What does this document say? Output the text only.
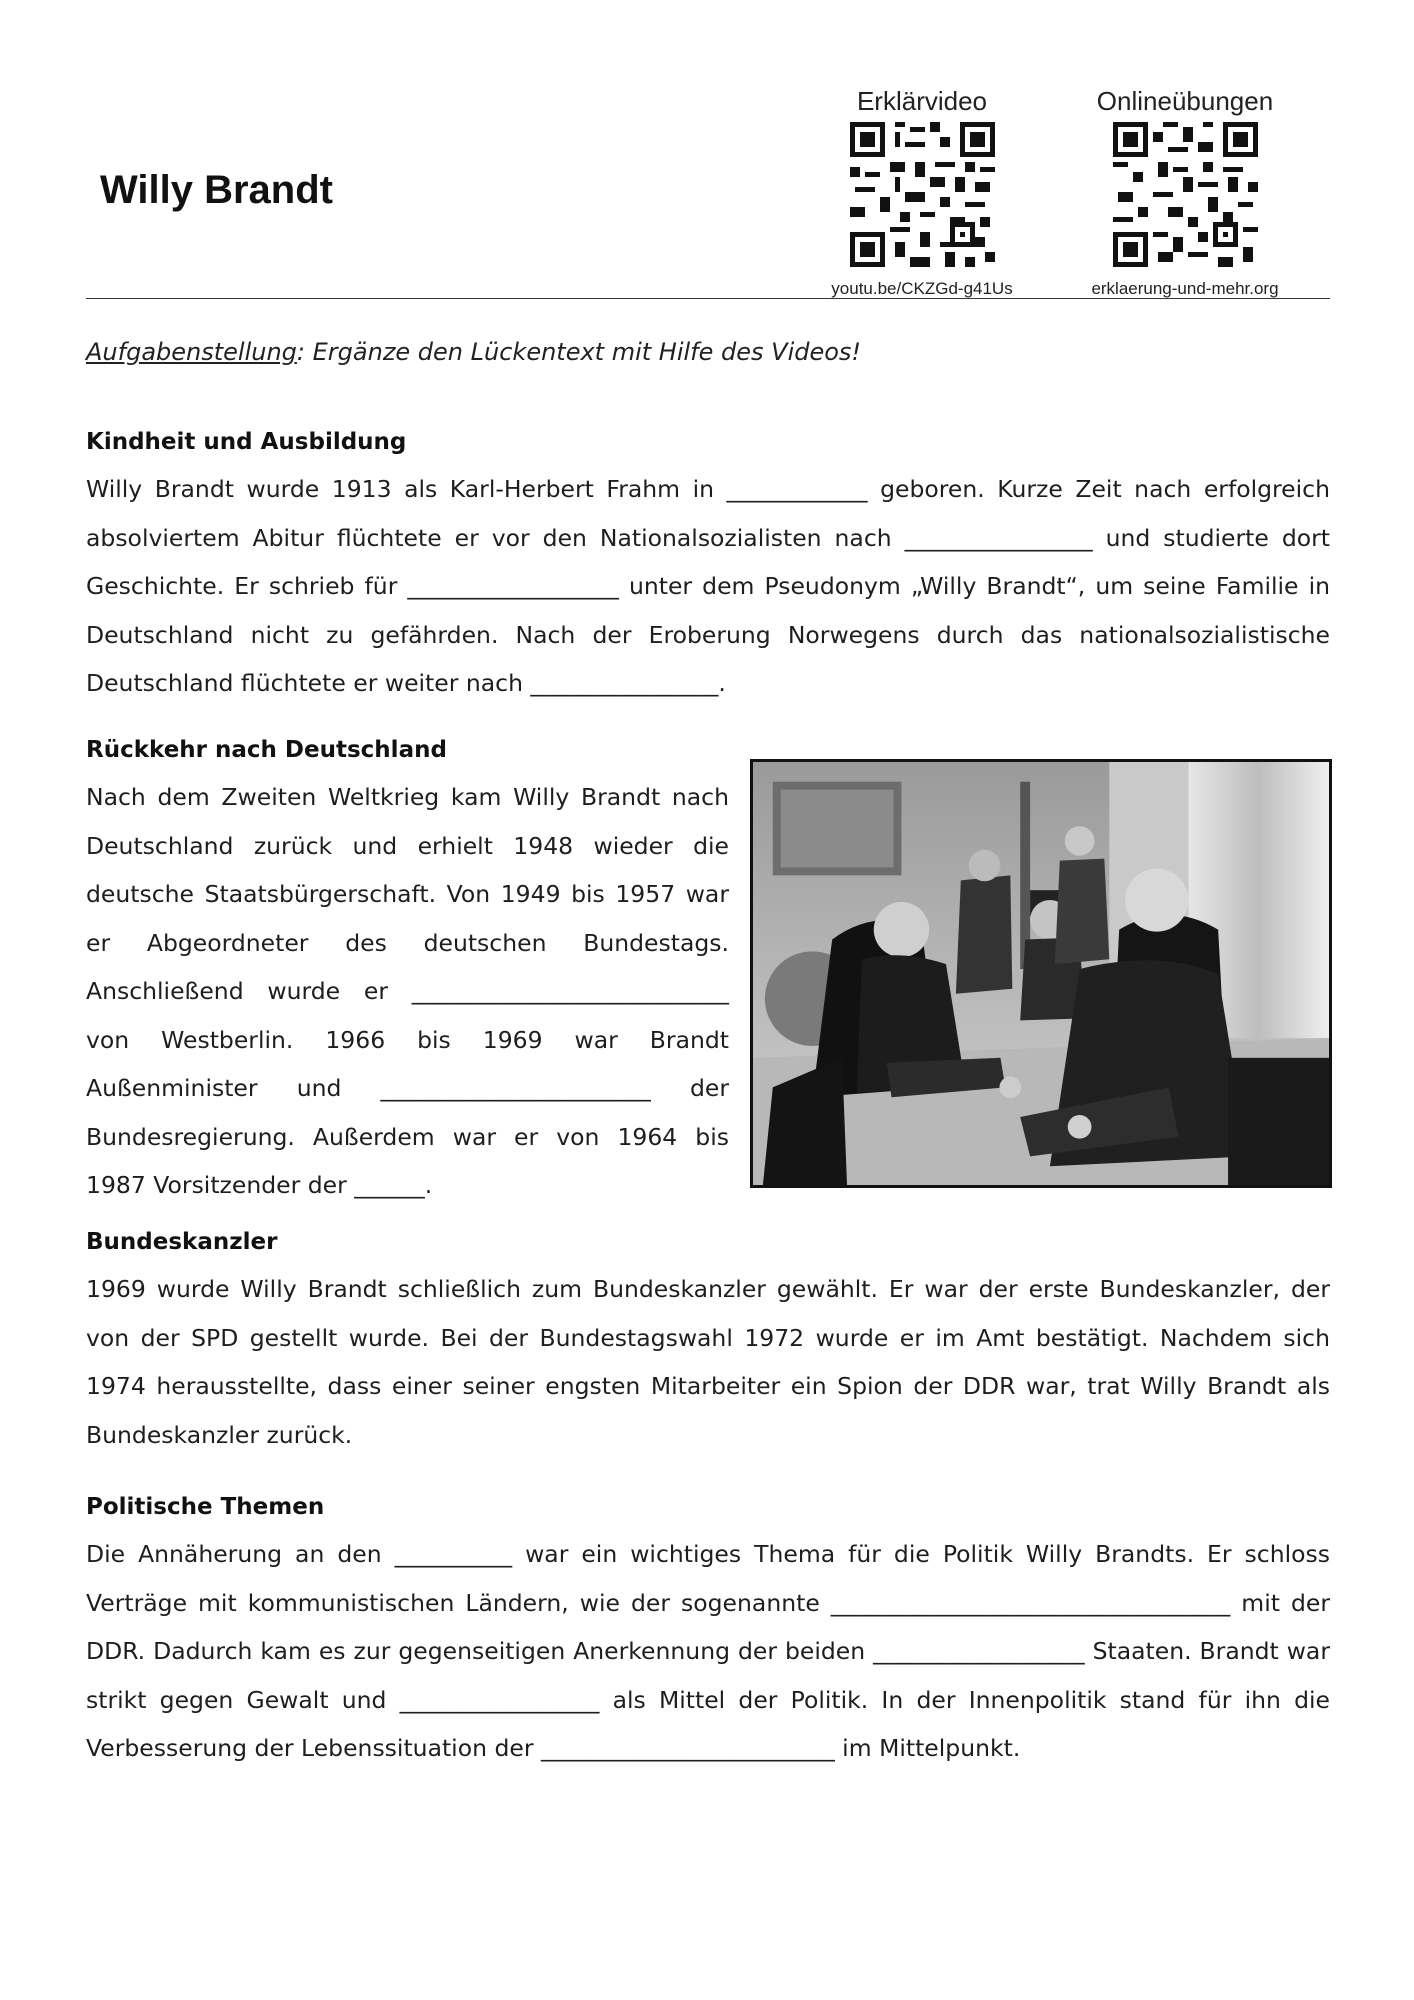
Willy Brandt
Erklärvideo
youtu.be/CKZGd-g41Us
Onlineübungen
erklaerung-und-mehr.org
Aufgabenstellung: Ergänze den Lückentext mit Hilfe des Videos!
Kindheit und Ausbildung
Willy Brandt wurde 1913 als Karl-Herbert Frahm in ____________ geboren. Kurze Zeit nach erfolgreich absolviertem Abitur flüchtete er vor den Nationalsozialisten nach ________________ und studierte dort Geschichte. Er schrieb für __________________ unter dem Pseudonym „Willy Brandt“, um seine Familie in Deutschland nicht zu gefährden. Nach der Eroberung Norwegens durch das nationalsozialistische Deutschland flüchtete er weiter nach ________________.
Rückkehr nach Deutschland
Nach dem Zweiten Weltkrieg kam Willy Brandt nach Deutschland zurück und erhielt 1948 wieder die deutsche Staatsbürgerschaft. Von 1949 bis 1957 war er Abgeordneter des deutschen Bundestags. Anschließend wurde er ___________________________ von Westberlin. 1966 bis 1969 war Brandt Außenminister und _______________________ der Bundesregierung. Außerdem war er von 1964 bis 1987 Vorsitzender der ______.
Bundeskanzler
1969 wurde Willy Brandt schließlich zum Bundeskanzler gewählt. Er war der erste Bundeskanzler, der von der SPD gestellt wurde. Bei der Bundestagswahl 1972 wurde er im Amt bestätigt. Nachdem sich 1974 herausstellte, dass einer seiner engsten Mitarbeiter ein Spion der DDR war, trat Willy Brandt als Bundeskanzler zurück.
Politische Themen
Die Annäherung an den __________ war ein wichtiges Thema für die Politik Willy Brandts. Er schloss Verträge mit kommunistischen Ländern, wie der sogenannte __________________________________ mit der DDR. Dadurch kam es zur gegenseitigen Anerkennung der beiden __________________ Staaten. Brandt war strikt gegen Gewalt und _________________ als Mittel der Politik. In der Innenpolitik stand für ihn die Verbesserung der Lebenssituation der _________________________ im Mittelpunkt.
